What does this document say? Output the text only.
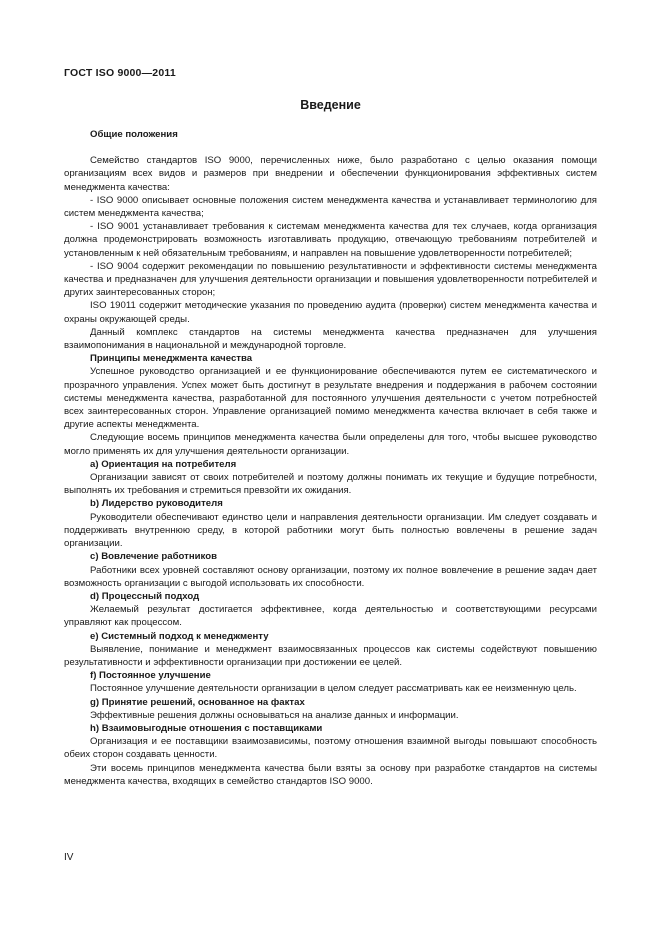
ГОСТ ISO 9000—2011
Введение

Общие положения

Семейство стандартов ISO 9000, перечисленных ниже, было разработано с целью оказания помощи организациям всех видов и размеров при внедрении и обеспечении функционирования эффективных систем менеджмента качества:

- ISO 9000 описывает основные положения систем менеджмента качества и устанавливает терминологию для систем менеджмента качества;

- ISO 9001 устанавливает требования к системам менеджмента качества для тех случаев, когда организация должна продемонстрировать возможность изготавливать продукцию, отвечающую требованиям потребителей и установленным к ней обязательным требованиям, и направлен на повышение удовлетворенности потребителей;

- ISO 9004 содержит рекомендации по повышению результативности и эффективности системы менеджмента качества и предназначен для улучшения деятельности организации и повышения удовлетворенности потребителей и других заинтересованных сторон;

ISO 19011 содержит методические указания по проведению аудита (проверки) систем менеджмента качества и охраны окружающей среды.

Данный комплекс стандартов на системы менеджмента качества предназначен для улучшения взаимопонимания в национальной и международной торговле.

Принципы менеджмента качества

Успешное руководство организацией и ее функционирование обеспечиваются путем ее систематического и прозрачного управления. Успех может быть достигнут в результате внедрения и поддержания в рабочем состоянии системы менеджмента качества, разработанной для постоянного улучшения деятельности с учетом потребностей всех заинтересованных сторон. Управление организацией помимо менеджмента качества включает в себя также и другие аспекты менеджмента.

Следующие восемь принципов менеджмента качества были определены для того, чтобы высшее руководство могло применять их для улучшения деятельности организации.

a) Ориентация на потребителя

Организации зависят от своих потребителей и поэтому должны понимать их текущие и будущие потребности, выполнять их требования и стремиться превзойти их ожидания.

b) Лидерство руководителя

Руководители обеспечивают единство цели и направления деятельности организации. Им следует создавать и поддерживать внутреннюю среду, в которой работники могут быть полностью вовлечены в решение задач организации.

c) Вовлечение работников

Работники всех уровней составляют основу организации, поэтому их полное вовлечение в решение задач дает возможность организации с выгодой использовать их способности.

d) Процессный подход

Желаемый результат достигается эффективнее, когда деятельностью и соответствующими ресурсами управляют как процессом.

e) Системный подход к менеджменту

Выявление, понимание и менеджмент взаимосвязанных процессов как системы содействуют повышению результативности и эффективности организации при достижении ее целей.

f) Постоянное улучшение

Постоянное улучшение деятельности организации в целом следует рассматривать как ее неизменную цель.

g) Принятие решений, основанное на фактах

Эффективные решения должны основываться на анализе данных и информации.

h) Взаимовыгодные отношения с поставщиками

Организация и ее поставщики взаимозависимы, поэтому отношения взаимной выгоды повышают способность обеих сторон создавать ценности.

Эти восемь принципов менеджмента качества были взяты за основу при разработке стандартов на системы менеджмента качества, входящих в семейство стандартов ISO 9000.

IV
